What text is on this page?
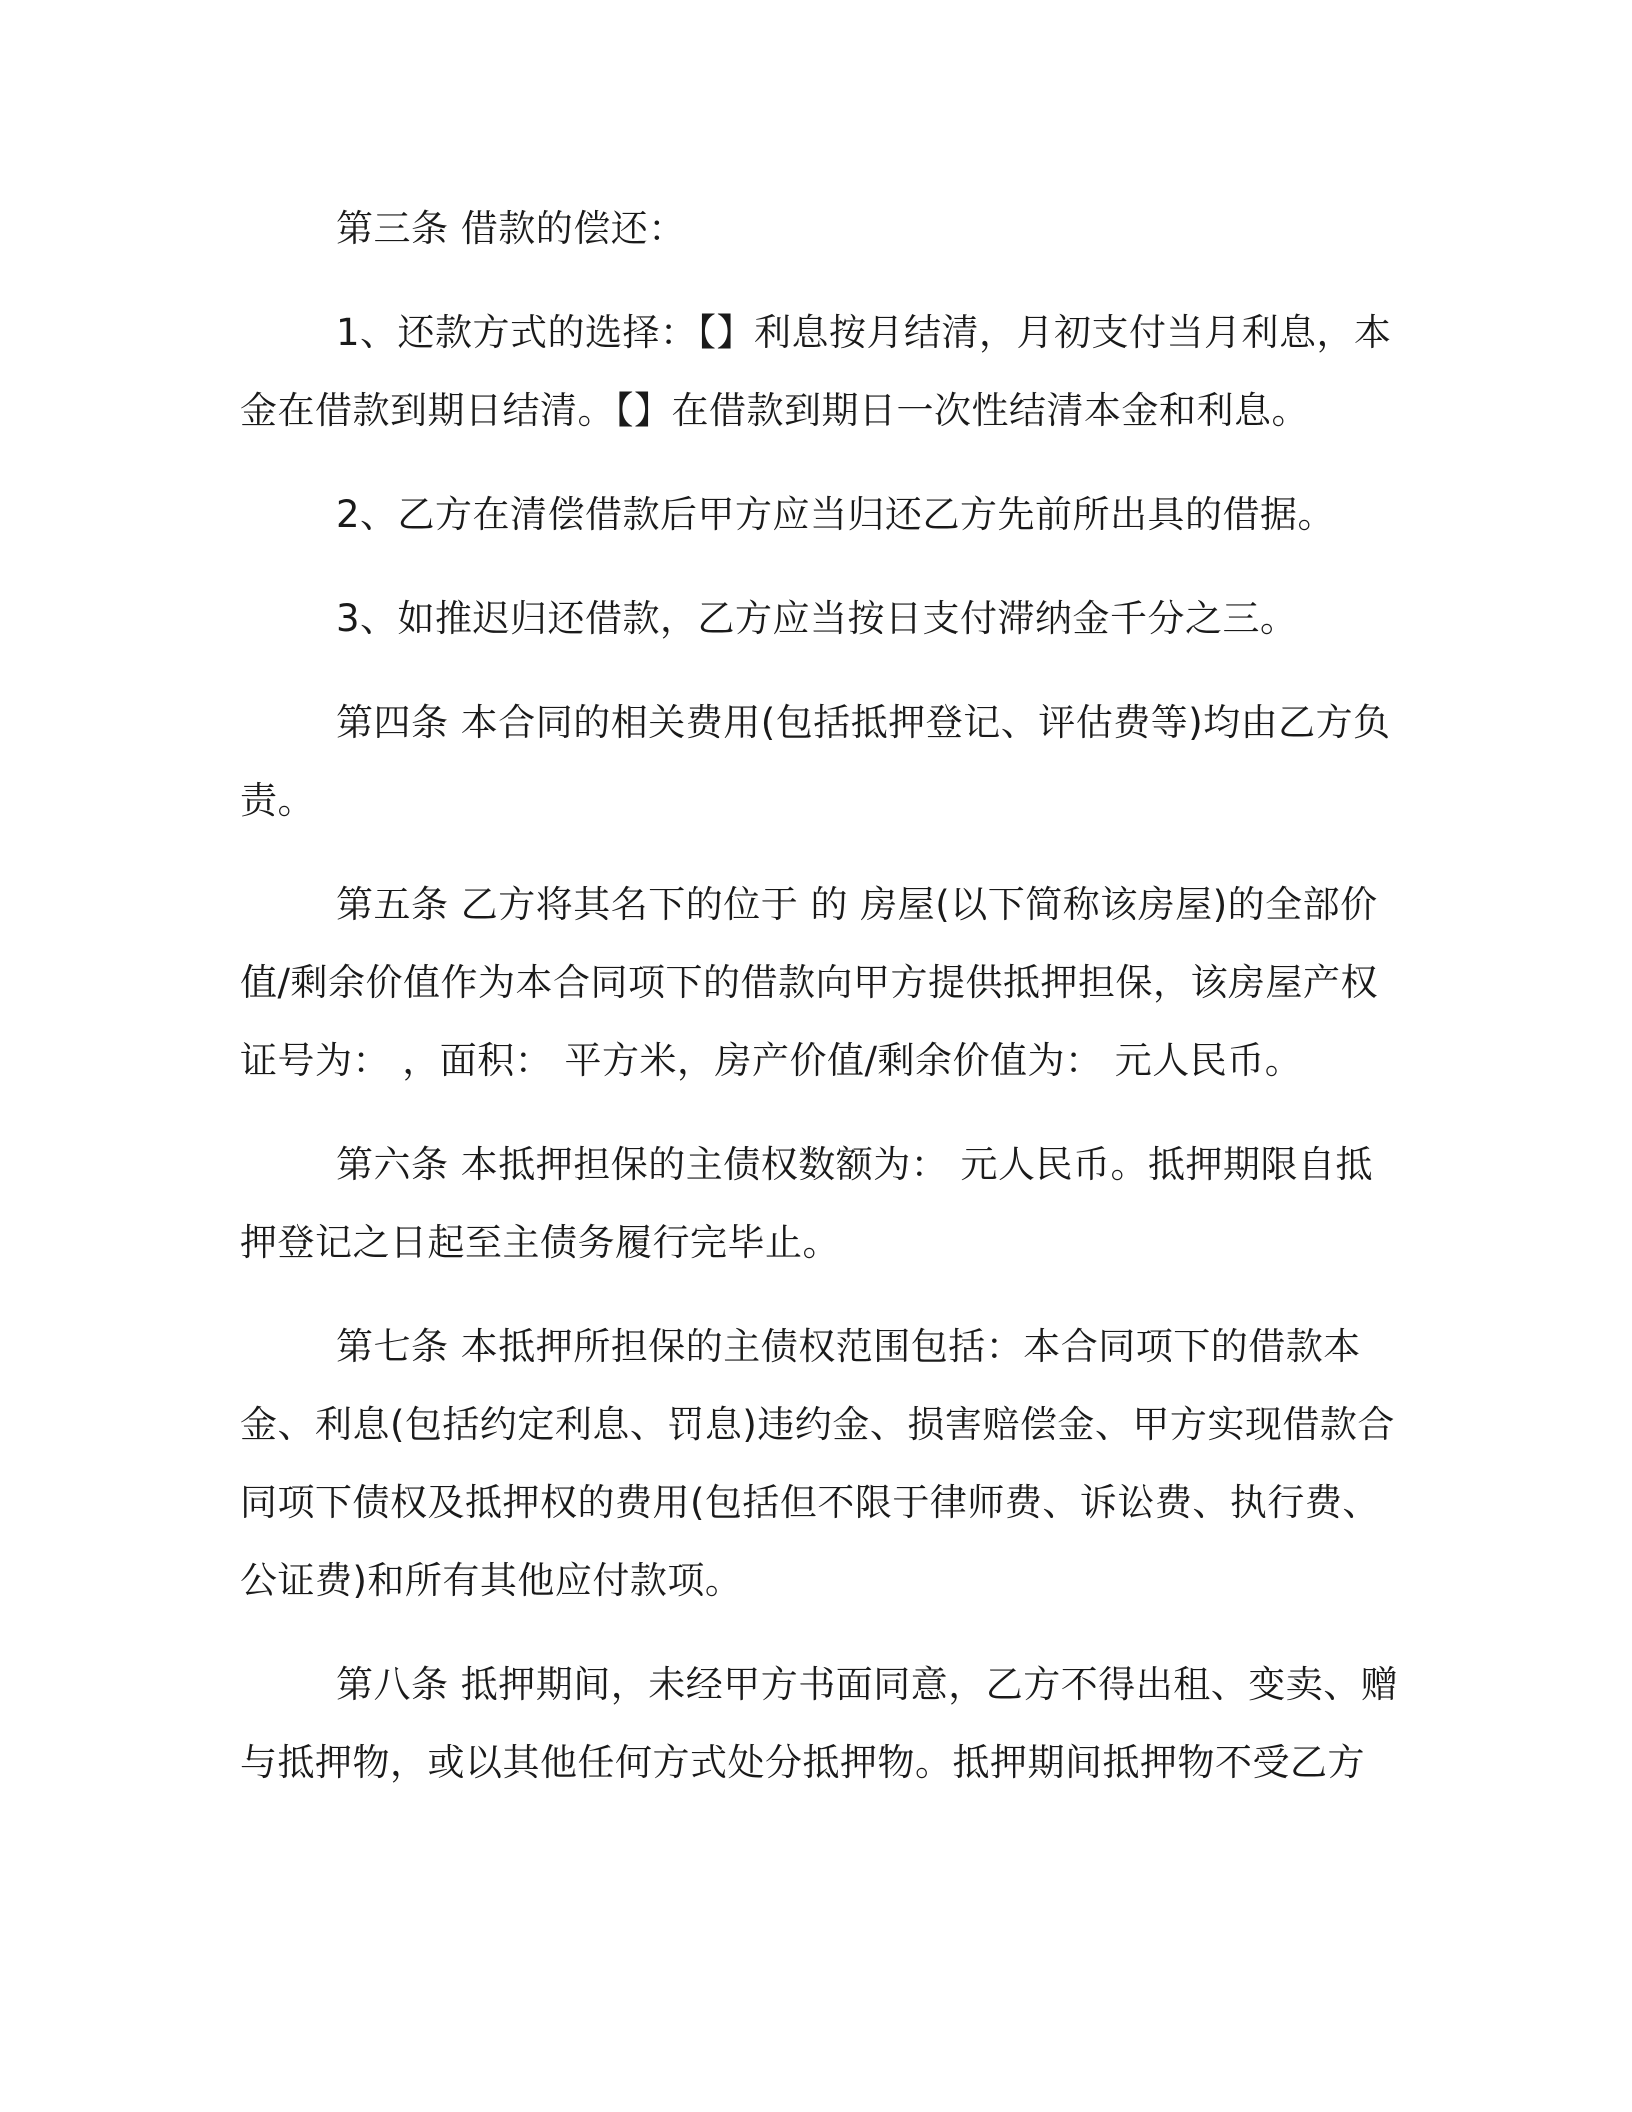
第三条 借款的偿还：

1、还款方式的选择：【】利息按月结清，月初支付当月利息，本金在借款到期日结清。【】在借款到期日一次性结清本金和利息。

2、乙方在清偿借款后甲方应当归还乙方先前所出具的借据。

3、如推迟归还借款，乙方应当按日支付滞纳金千分之三。

第四条 本合同的相关费用(包括抵押登记、评估费等)均由乙方负责。

第五条 乙方将其名下的位于 的 房屋(以下简称该房屋)的全部价值/剩余价值作为本合同项下的借款向甲方提供抵押担保，该房屋产权证号为： ，面积： 平方米，房产价值/剩余价值为： 元人民币。

第六条 本抵押担保的主债权数额为： 元人民币。抵押期限自抵押登记之日起至主债务履行完毕止。

第七条 本抵押所担保的主债权范围包括：本合同项下的借款本金、利息(包括约定利息、罚息)违约金、损害赔偿金、甲方实现借款合同项下债权及抵押权的费用(包括但不限于律师费、诉讼费、执行费、公证费)和所有其他应付款项。

第八条 抵押期间，未经甲方书面同意，乙方不得出租、变卖、赠与抵押物，或以其他任何方式处分抵押物。抵押期间抵押物不受乙方
